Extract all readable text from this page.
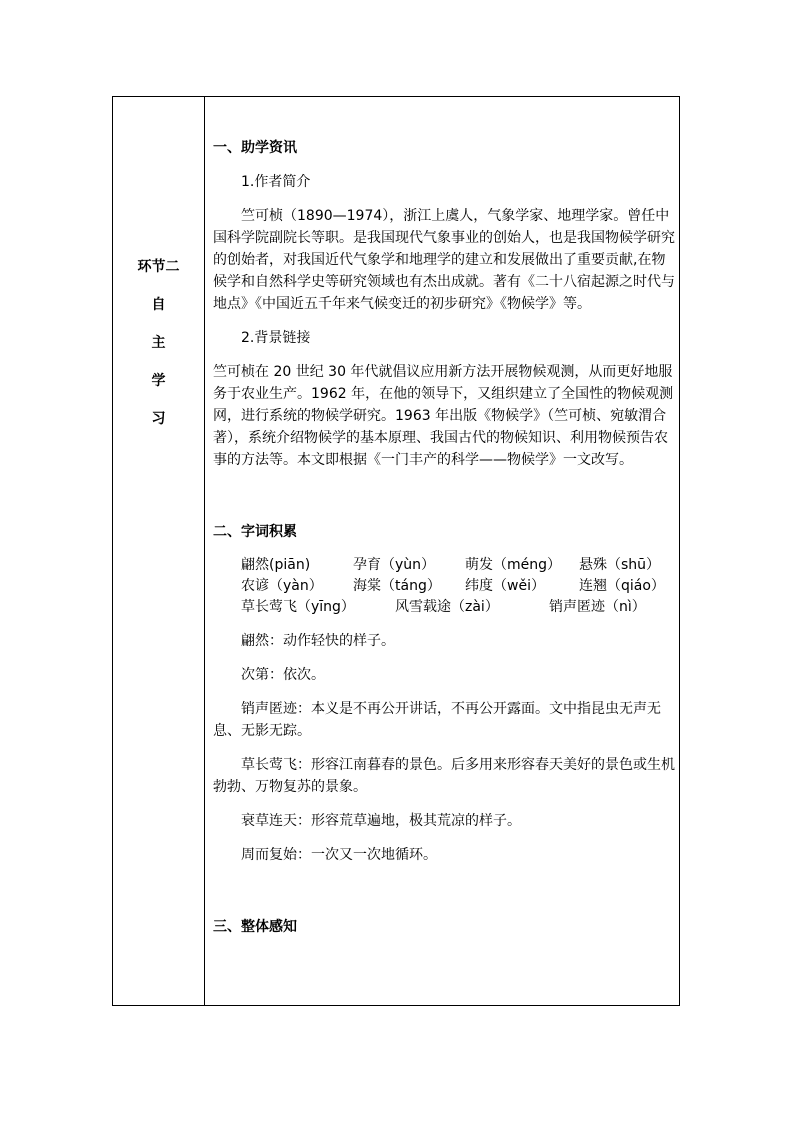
环节二
自
主
学
习

一、助学资讯

1.作者简介

竺可桢（1890—1974），浙江上虞人，气象学家、地理学家。曾任中国科学院副院长等职。是我国现代气象事业的创始人，也是我国物候学研究的创始者，对我国近代气象学和地理学的建立和发展做出了重要贡献,在物候学和自然科学史等研究领域也有杰出成就。著有《二十八宿起源之时代与地点》《中国近五千年来气候变迁的初步研究》《物候学》等。

2.背景链接

竺可桢在 20 世纪 30 年代就倡议应用新方法开展物候观测，从而更好地服务于农业生产。1962 年，在他的领导下，又组织建立了全国性的物候观测网，进行系统的物候学研究。1963 年出版《物候学》（竺可桢、宛敏渭合著），系统介绍物候学的基本原理、我国古代的物候知识、利用物候预告农事的方法等。本文即根据《一门丰产的科学——物候学》一文改写。

二、字词积累

翩然(piān)	孕育（yùn） 萌发（méng） 悬殊（shū）

农谚（yàn） 海棠（táng） 纬度（wěi） 连翘（qiáo）

草长莺飞（yīng）	风雪载途（zài）	销声匿迹（nì）

翩然：动作轻快的样子。

次第：依次。

销声匿迹：本义是不再公开讲话，不再公开露面。文中指昆虫无声无息、无影无踪。

草长莺飞：形容江南暮春的景色。后多用来形容春天美好的景色或生机勃勃、万物复苏的景象。

衰草连天：形容荒草遍地，极其荒凉的样子。

周而复始：一次又一次地循环。

三、整体感知
